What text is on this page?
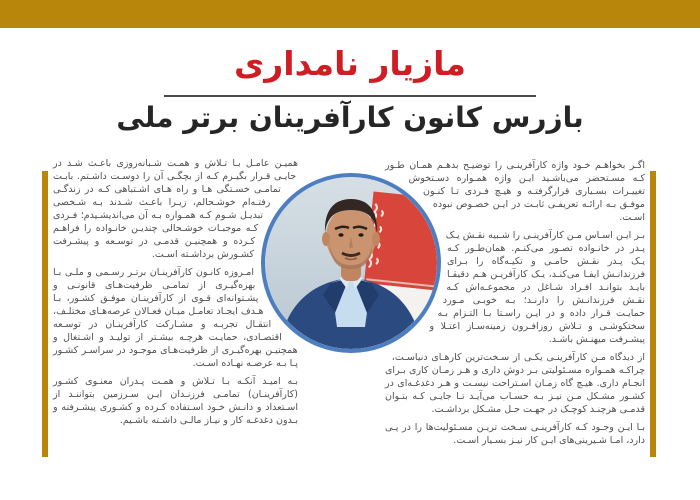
مازیار نامداری
بازرس کانون کارآفرینان برتر ملی

همیـن عامـل بـا تـلاش و همـت شـبانه‌روزی باعـث شـد در جایـی قـرار بگیـرم کـه از بچگـی آن را دوسـت داشـتم. بابـت تمامـی خسـتگی هـا و راه هـای اشـتباهی کـه در زندگـی رفتـه‌ام خوشـحالم، زیـرا باعـث شـدند بـه شـخصی تبدیـل شـوم کـه همـواره بـه آن می‌اندیشـیدم؛ فـردی کـه موجبـات خوشـحالی چندیـن خانـواده را فراهـم کـرده و همچنیـن قدمـی در توسـعه و پیشـرفت کشـورش برداشـته اسـت.

امـروزه کانـون کارآفرینـان برتـر رسـمی و ملـی بـا بهره‌گیـری از تمامـی ظرفیت‌هـای قانونـی و پشـتوانه‌ای قـوی از کارآفرینـان موفـق کشـور، بـا هـدف ایجـاد تعامـل میـان فعـالان عرصه‌هـای مختلـف، انتقـال تجربـه و مشـارکت کارآفرینـان در توسـعه اقتصـادی، حمایـت هرچـه بیشـتر از تولیـد و اشـتغال و همچنیـن بهره‌گیـری از ظرفیت‌هـای موجـود در سراسـر کشـور پـا بـه عرصـه نهـاده اسـت.

بـه امیـد آنکـه بـا تـلاش و همـت پـدران معنـوی کشـور (کارآفرینـان) تمامـی فرزنـدان ایـن سـرزمین بتواننـد از اسـتعداد و دانـش خـود اسـتفاده کـرده و کشـوری پیشـرفته و بـدون دغدغـه کار و نیـاز مالـی داشـته باشـیم.

اگـر بخواهـم خـود واژه کارآفرینـی را توضیـح بدهـم همـان طـور کـه مسـتحضر می‌باشـید ایـن واژه همـواره دسـتخوش تغییـرات بسـیاری قرارگرفتـه و هیـچ فـردی تـا کنـون موفـق بـه ارائـه تعریفـی ثابـت در ایـن خصـوص نبوده اسـت.

بـر ایـن اسـاس مـن کارآفرینـی را شـبیه نقـش یـک پـدر در خانـواده تصـور می‌کنـم. همان‌طـور کـه یـک پـدر نقـش حامـی و تکیـه‌گاه را بـرای فرزندانـش ایفـا می‌کنـد، یـک کارآفریـن هـم دقیقـا بایـد بتوانـد افـراد شـاغل در مجموعـه‌اش کـه نقـش فرزندانـش را دارنـد؛ بـه خوبـی مـورد حمایـت قـرار داده و در ایـن راسـتا بـا التـزام بـه سختکوشـی و تـلاش روزافـرون زمینه‌سـاز اعتـلا و پیشـرفت میهنـش باشـد.

از دیدگاه مـن کارآفرینـی یکـی از سـخت‌ترین کارهـای دنیاسـت، چراکـه همـواره مسـئولیتی بـر دوش داری و هـر زمـان کاری بـرای انجـام داری. هیـچ گاه زمـان اسـتراحت نیسـت و هـر دغدغـه‌ای در کشـور مشـکل مـن نیـز بـه حسـاب می‌آیـد تـا جایـی کـه بتـوان قدمـی هرچنـد کوچـک در جهـت حـل مشـکل برداشـت.

بـا ایـن وجـود کـه کارآفرینـی سـخت تریـن مسـئولیت‌ها را در پـی دارد، امـا شـیرینی‌های ایـن کار نیـز بسـیار اسـت.
